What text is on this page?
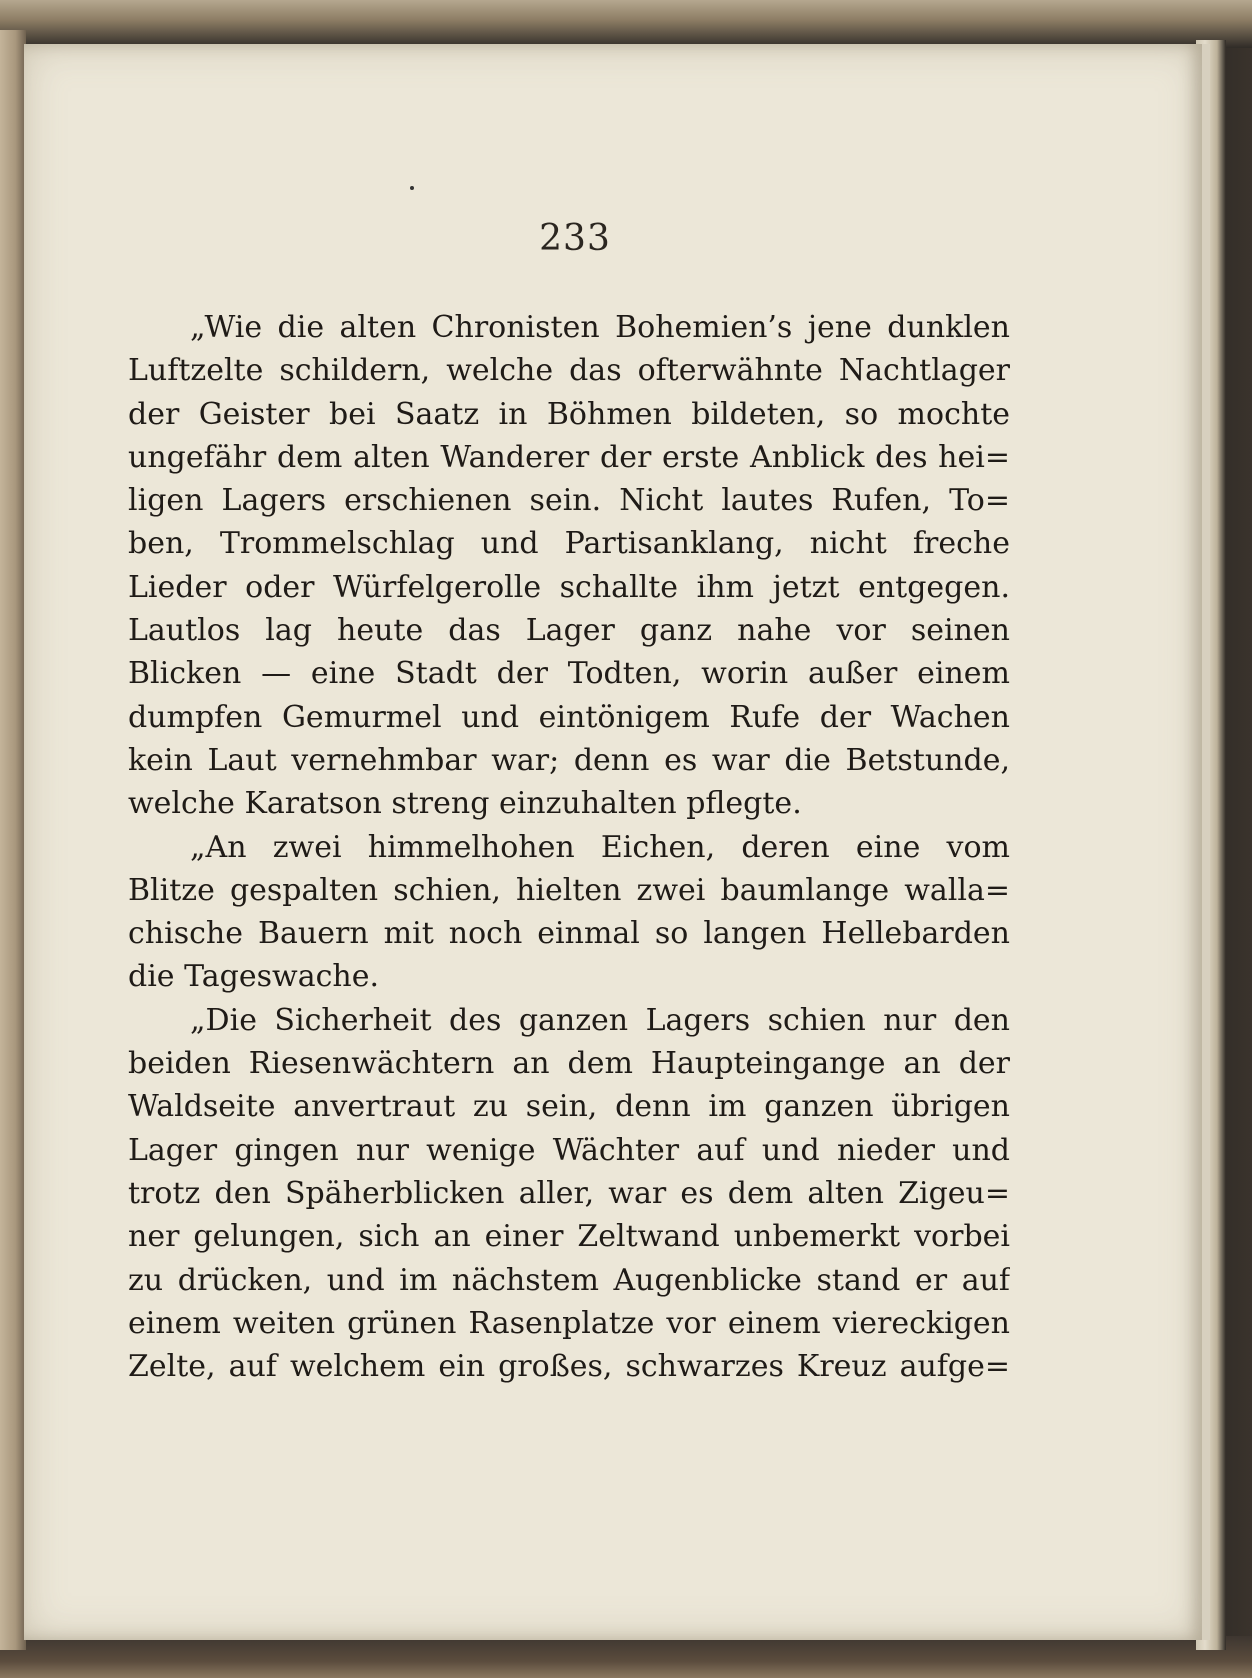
233
„Wie die alten Chronisten Bohemien’s jene dunklen
Luftzelte schildern, welche das ofterwähnte Nachtlager
der Geister bei Saatz in Böhmen bildeten, so mochte
ungefähr dem alten Wanderer der erste Anblick des hei=
ligen Lagers erschienen sein. Nicht lautes Rufen, To=
ben, Trommelschlag und Partisanklang, nicht freche
Lieder oder Würfelgerolle schallte ihm jetzt entgegen.
Lautlos lag heute das Lager ganz nahe vor seinen
Blicken — eine Stadt der Todten, worin außer einem
dumpfen Gemurmel und eintönigem Rufe der Wachen
kein Laut vernehmbar war; denn es war die Betstunde,
welche Karatson streng einzuhalten pflegte.
„An zwei himmelhohen Eichen, deren eine vom
Blitze gespalten schien, hielten zwei baumlange walla=
chische Bauern mit noch einmal so langen Hellebarden
die Tageswache.
„Die Sicherheit des ganzen Lagers schien nur den
beiden Riesenwächtern an dem Haupteingange an der
Waldseite anvertraut zu sein, denn im ganzen übrigen
Lager gingen nur wenige Wächter auf und nieder und
trotz den Späherblicken aller, war es dem alten Zigeu=
ner gelungen, sich an einer Zeltwand unbemerkt vorbei
zu drücken, und im nächstem Augenblicke stand er auf
einem weiten grünen Rasenplatze vor einem viereckigen
Zelte, auf welchem ein großes, schwarzes Kreuz aufge=
